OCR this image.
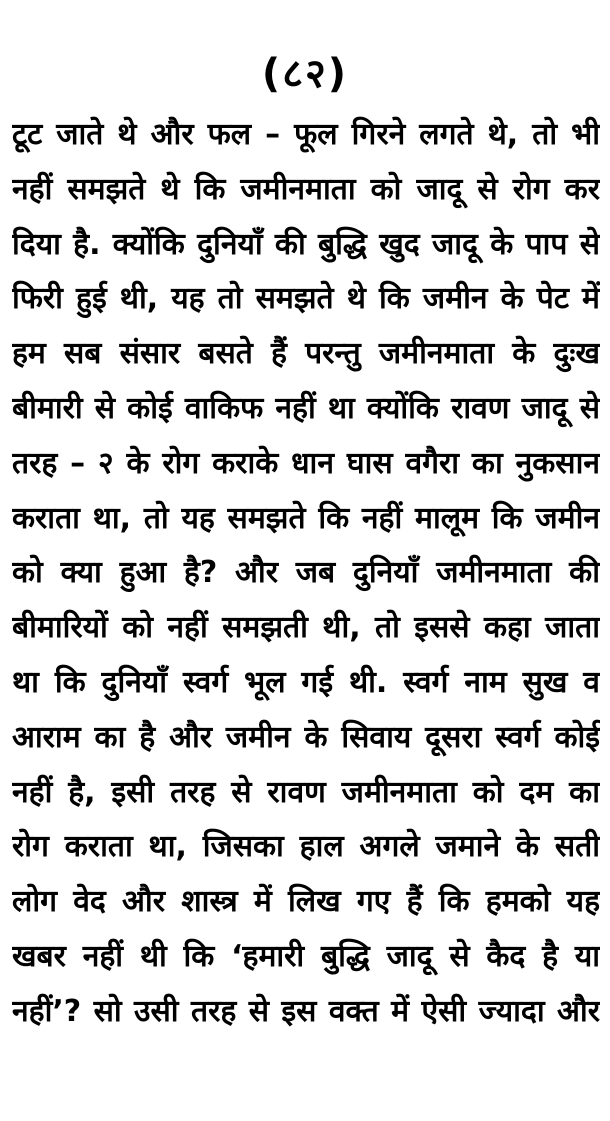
(८२)
टूट जाते थे और फल – फूल गिरने लगते थे, तो भी
नहीं समझते थे कि जमीनमाता को जादू से रोग कर
दिया है. क्योंकि दुनियाँ की बुद्धि खुद जादू के पाप से
फिरी हुई थी, यह तो समझते थे कि जमीन के पेट में
हम सब संसार बसते हैं परन्तु जमीनमाता के दुःख
बीमारी से कोई वाकिफ नहीं था क्योंकि रावण जादू से
तरह – २ के रोग कराके धान घास वगैरा का नुकसान
कराता था, तो यह समझते कि नहीं मालूम कि जमीन
को क्या हुआ है? और जब दुनियाँ जमीनमाता की
बीमारियों को नहीं समझती थी, तो इससे कहा जाता
था कि दुनियाँ स्वर्ग भूल गई थी. स्वर्ग नाम सुख व
आराम का है और जमीन के सिवाय दूसरा स्वर्ग कोई
नहीं है, इसी तरह से रावण जमीनमाता को दम का
रोग कराता था, जिसका हाल अगले जमाने के सती
लोग वेद और शास्त्र में लिख गए हैं कि हमको यह
खबर नहीं थी कि ‘हमारी बुद्धि जादू से कैद है या
नहीं’? सो उसी तरह से इस वक्त में ऐसी ज्यादा और
